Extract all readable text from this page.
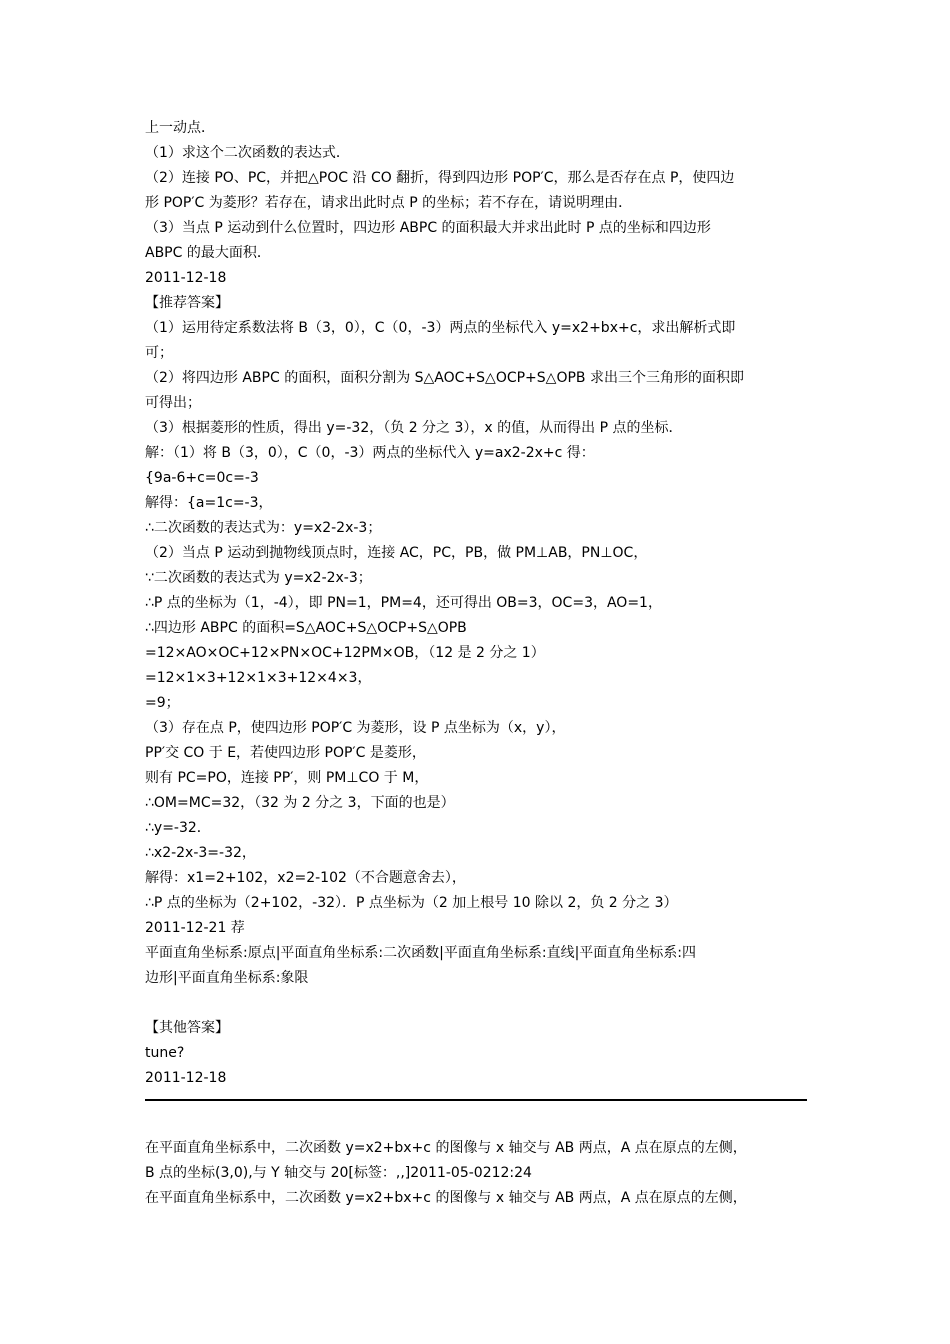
上一动点．
（1）求这个二次函数的表达式．
（2）连接 PO、PC，并把△POC 沿 CO 翻折，得到四边形 POP′C，那么是否存在点 P，使四边
形 POP′C 为菱形？若存在，请求出此时点 P 的坐标；若不存在，请说明理由．
（3）当点 P 运动到什么位置时，四边形 ABPC 的面积最大并求出此时 P 点的坐标和四边形
ABPC 的最大面积．
2011-12-18
【推荐答案】
（1）运用待定系数法将 B（3，0），C（0，-3）两点的坐标代入 y=x2+bx+c，求出解析式即
可；
（2）将四边形 ABPC 的面积，面积分割为 S△AOC+S△OCP+S△OPB 求出三个三角形的面积即
可得出；
（3）根据菱形的性质，得出 y=-32，（负 2 分之 3），x 的值，从而得出 P 点的坐标．
解：（1）将 B（3，0），C（0，-3）两点的坐标代入 y=ax2-2x+c 得：
{9a-6+c=0c=-3
解得：{a=1c=-3，
∴二次函数的表达式为：y=x2-2x-3；
（2）当点 P 运动到抛物线顶点时，连接 AC，PC，PB，做 PM⊥AB，PN⊥OC，
∵二次函数的表达式为 y=x2-2x-3；
∴P 点的坐标为（1，-4），即 PN=1，PM=4，还可得出 OB=3，OC=3，AO=1，
∴四边形 ABPC 的面积=S△AOC+S△OCP+S△OPB
=12×AO×OC+12×PN×OC+12PM×OB，（12 是 2 分之 1）
=12×1×3+12×1×3+12×4×3，
=9；
（3）存在点 P，使四边形 POP′C 为菱形，设 P 点坐标为（x，y），
PP′交 CO 于 E，若使四边形 POP′C 是菱形，
则有 PC=PO，连接 PP′，则 PM⊥CO 于 M，
∴OM=MC=32，（32 为 2 分之 3，下面的也是）
∴y=-32．
∴x2-2x-3=-32，
解得：x1=2+102，x2=2-102（不合题意舍去），
∴P 点的坐标为（2+102，-32）．P 点坐标为（2 加上根号 10 除以 2，负 2 分之 3）
2011-12-21 荐
平面直角坐标系:原点|平面直角坐标系:二次函数|平面直角坐标系:直线|平面直角坐标系:四
边形|平面直角坐标系:象限
【其他答案】
tune?
2011-12-18
在平面直角坐标系中，二次函数 y=x2+bx+c 的图像与 x 轴交与 AB 两点，A 点在原点的左侧，
B 点的坐标(3,0),与 Y 轴交与 20[标签：,,]2011-05-0212:24
在平面直角坐标系中，二次函数 y=x2+bx+c 的图像与 x 轴交与 AB 两点，A 点在原点的左侧，
